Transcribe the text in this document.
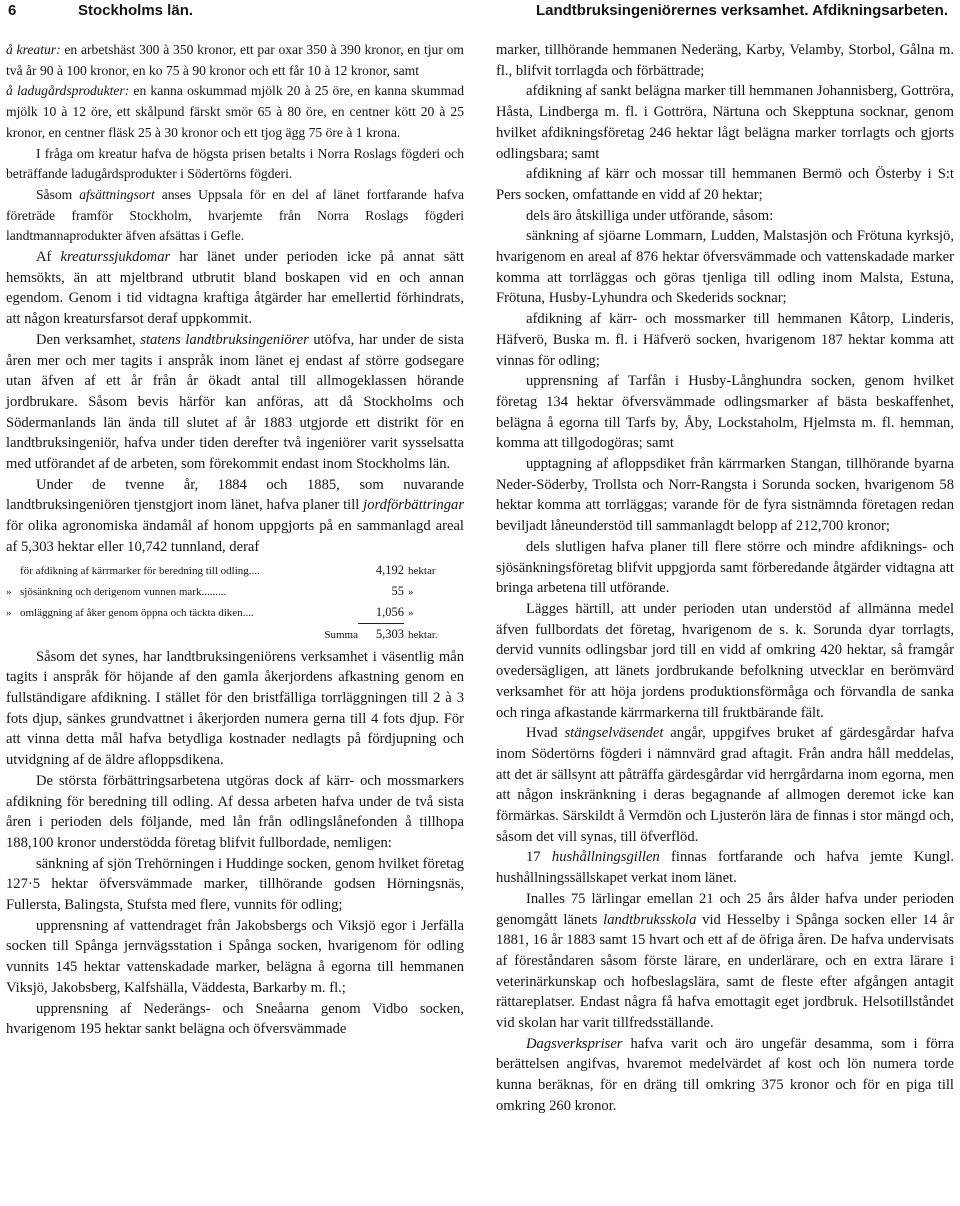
6	Stockholms län.	Landtbruksingeniörernes verksamhet. Afdikningsarbeten.

å kreatur: en arbetshäst 300 à 350 kronor, ett par oxar 350 à 390 kronor, en tjur om två år 90 à 100 kronor, en ko 75 à 90 kronor och ett får 10 à 12 kronor, samt

å ladugårdsprodukter: en kanna oskummad mjölk 20 à 25 öre, en kanna skummad mjölk 10 à 12 öre, ett skålpund färskt smör 65 à 80 öre, en centner kött 20 à 25 kronor, en centner fläsk 25 à 30 kronor och ett tjog ägg 75 öre à 1 krona.

I fråga om kreatur hafva de högsta prisen betalts i Norra Roslags fögderi och beträffande ladugårdsprodukter i Södertörns fögderi.

Såsom afsättningsort anses Uppsala för en del af länet fortfarande hafva företräde framför Stockholm, hvarjemte från Norra Roslags fögderi landtmannaprodukter äfven afsättas i Gefle.

Af kreaturssjukdomar har länet under perioden icke på annat sätt hemsökts, än att mjeltbrand utbrutit bland boskapen vid en och annan egendom. Genom i tid vidtagna kraftiga åtgärder har emellertid förhindrats, att någon kreatursfarsot deraf uppkommit.

Den verksamhet, statens landtbruksingeniörer utöfva, har under de sista åren mer och mer tagits i anspråk inom länet ej endast af större godsegare utan äfven af ett år från år ökadt antal till allmogeklassen hörande jordbrukare. Såsom bevis härför kan anföras, att då Stockholms och Södermanlands län ända till slutet af år 1883 utgjorde ett distrikt för en landtbruksingeniör, hafva under tiden derefter två ingeniörer varit sysselsatta med utförandet af de arbeten, som förekommit endast inom Stockholms län.

Under de tvenne år, 1884 och 1885, som nuvarande landtbruksingeniören tjenstgjort inom länet, hafva planer till jordförbättringar för olika agronomiska ändamål af honom uppgjorts på en sammanlagd areal af 5,303 hektar eller 10,742 tunnland, deraf

för afdikning af kärrmarker för beredning till odling ....	4,192 hektar
» sjösänkning och derigenom vunnen mark .........	55 »
» omläggning af åker genom öppna och täckta diken ....	1,056 »
Summa	5,303 hektar.

Såsom det synes, har landtbruksingeniörens verksamhet i väsentlig mån tagits i anspråk för höjande af den gamla åkerjordens afkastning genom en fullständigare afdikning. I stället för den bristfälliga torrläggningen till 2 à 3 fots djup, sänkes grundvattnet i åkerjorden numera gerna till 4 fots djup. För att vinna detta mål hafva betydliga kostnader nedlagts på fördjupning och utvidgning af de äldre afloppsdikena.

De största förbättringsarbetena utgöras dock af kärr- och mossmarkers afdikning för beredning till odling. Af dessa arbeten hafva under de två sista åren i perioden dels följande, med lån från odlingslånefonden å tillhopa 188,100 kronor understödda företag blifvit fullbordade, nemligen:

sänkning af sjön Trehörningen i Huddinge socken, genom hvilket företag 127·5 hektar öfversvämmade marker, tillhörande godsen Hörningsnäs, Fullersta, Balingsta, Stufsta med flere, vunnits för odling;

upprensning af vattendraget från Jakobsbergs och Viksjö egor i Jerfälla socken till Spånga jernvägsstation i Spånga socken, hvarigenom för odling vunnits 145 hektar vattenskadade marker, belägna å egorna till hemmanen Viksjö, Jakobsberg, Kalfshälla, Väddesta, Barkarby m. fl.;

upprensning af Nederängs- och Sneåarna genom Vidbo socken, hvarigenom 195 hektar sankt belägna och öfversvämmade

marker, tillhörande hemmanen Nederäng, Karby, Velamby, Storbol, Gålna m. fl., blifvit torrlagda och förbättrade;

afdikning af sankt belägna marker till hemmanen Johannisberg, Gottröra, Håsta, Lindberga m. fl. i Gottröra, Närtuna och Skepptuna socknar, genom hvilket afdikningsföretag 246 hektar lågt belägna marker torrlagts och gjorts odlingsbara; samt

afdikning af kärr och mossar till hemmanen Bermö och Österby i S:t Pers socken, omfattande en vidd af 20 hektar;

dels äro åtskilliga under utförande, såsom:

sänkning af sjöarne Lommarn, Ludden, Malstasjön och Frötuna kyrksjö, hvarigenom en areal af 876 hektar öfversvämmade och vattenskadade marker komma att torrläggas och göras tjenliga till odling inom Malsta, Estuna, Frötuna, Husby-Lyhundra och Skederids socknar;

afdikning af kärr- och mossmarker till hemmanen Kåtorp, Linderis, Häfverö, Buska m. fl. i Häfverö socken, hvarigenom 187 hektar komma att vinnas för odling;

upprensning af Tarfån i Husby-Långhundra socken, genom hvilket företag 134 hektar öfversvämmade odlingsmarker af bästa beskaffenhet, belägna å egorna till Tarfs by, Åby, Lockstaholm, Hjelmsta m. fl. hemman, komma att tillgodogöras; samt

upptagning af afloppsdiket från kärrmarken Stangan, tillhörande byarna Neder-Söderby, Trollsta och Norr-Rangsta i Sorunda socken, hvarigenom 58 hektar komma att torrläggas; varande för de fyra sistnämnda företagen redan beviljadt låneunderstöd till sammanlagdt belopp af 212,700 kronor;

dels slutligen hafva planer till flere större och mindre afdiknings- och sjösänkningsföretag blifvit uppgjorda samt förberedande åtgärder vidtagna att bringa arbetena till utförande.

Lägges härtill, att under perioden utan understöd af allmänna medel äfven fullbordats det företag, hvarigenom de s. k. Sorunda dyar torrlagts, dervid vunnits odlingsbar jord till en vidd af omkring 420 hektar, så framgår ovedersägligen, att länets jordbrukande befolkning utvecklar en berömvärd verksamhet för att höja jordens produktionsförmåga och förvandla de sanka och ringa afkastande kärrmarkerna till fruktbärande fält.

Hvad stängselväsendet angår, uppgifves bruket af gärdesgårdar hafva inom Södertörns fögderi i nämnvärd grad aftagit. Från andra håll meddelas, att det är sällsynt att påträffa gärdesgårdar vid herrgårdarna inom egorna, men att någon inskränkning i deras begagnande af allmogen deremot icke kan förmärkas. Särskildt å Vermdön och Ljusterön lära de finnas i stor mängd och, såsom det vill synas, till öfverflöd.

17 hushållningsgillen finnas fortfarande och hafva jemte Kungl. hushållningssällskapet verkat inom länet.

Inalles 75 lärlingar emellan 21 och 25 års ålder hafva under perioden genomgått länets landtbruksskola vid Hesselby i Spånga socken eller 14 år 1881, 16 år 1883 samt 15 hvart och ett af de öfriga åren. De hafva undervisats af föreståndaren såsom förste lärare, en underlärare, och en extra lärare i veterinärkunskap och hofbeslagslära, samt de fleste efter afgången antagit rättareplatser. Endast några få hafva emottagit eget jordbruk. Helsotillståndet vid skolan har varit tillfredsställande.

Dagsverkspriser hafva varit och äro ungefär desamma, som i förra berättelsen angifvas, hvaremot medelvärdet af kost och lön numera torde kunna beräknas, för en dräng till omkring 375 kronor och för en piga till omkring 260 kronor.
